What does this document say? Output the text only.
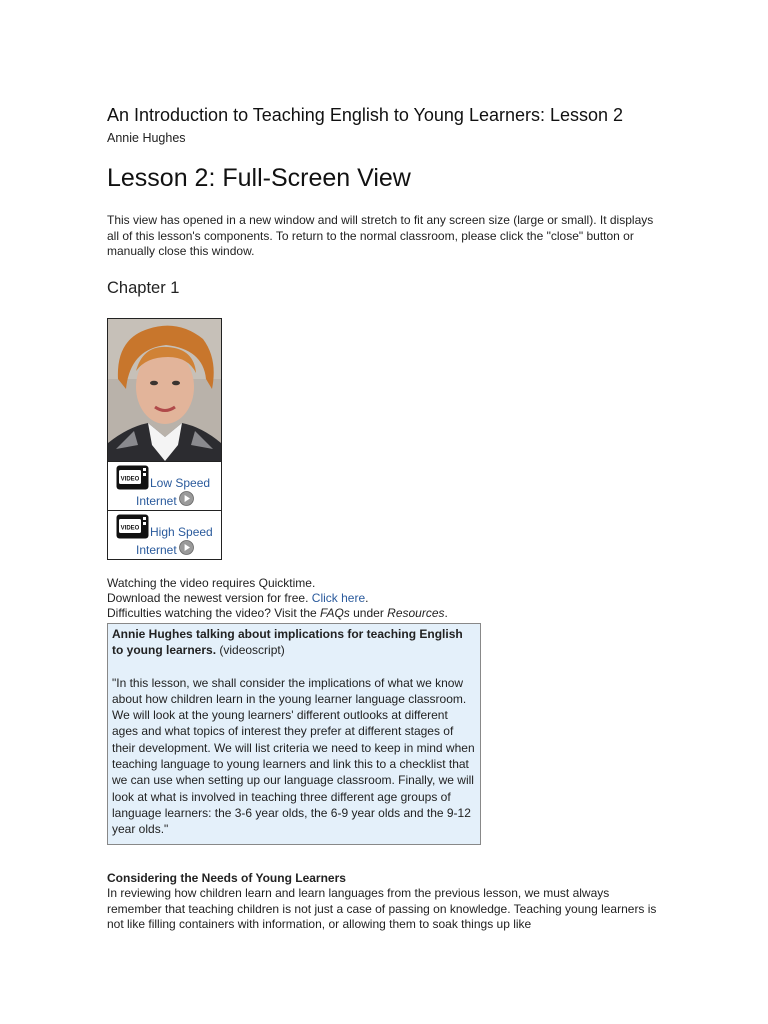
An Introduction to Teaching English to Young Learners: Lesson 2
Annie Hughes
Lesson 2: Full-Screen View
This view has opened in a new window and will stretch to fit any screen size (large or small). It displays all of this lesson's components. To return to the normal classroom, please click the "close" button or manually close this window.
Chapter 1
VIDEO Low Speed
Internet
VIDEO High Speed
Internet
Watching the video requires Quicktime.
Download the newest version for free. Click here.
Difficulties watching the video? Visit the FAQs under Resources.
Annie Hughes talking about implications for teaching English to young learners. (videoscript)
"In this lesson, we shall consider the implications of what we know about how children learn in the young learner language classroom. We will look at the young learners' different outlooks at different ages and what topics of interest they prefer at different stages of their development. We will list criteria we need to keep in mind when teaching language to young learners and link this to a checklist that we can use when setting up our language classroom. Finally, we will look at what is involved in teaching three different age groups of language learners: the 3-6 year olds, the 6-9 year olds and the 9-12 year olds."
Considering the Needs of Young Learners
In reviewing how children learn and learn languages from the previous lesson, we must always remember that teaching children is not just a case of passing on knowledge. Teaching young learners is not like filling containers with information, or allowing them to soak things up like
